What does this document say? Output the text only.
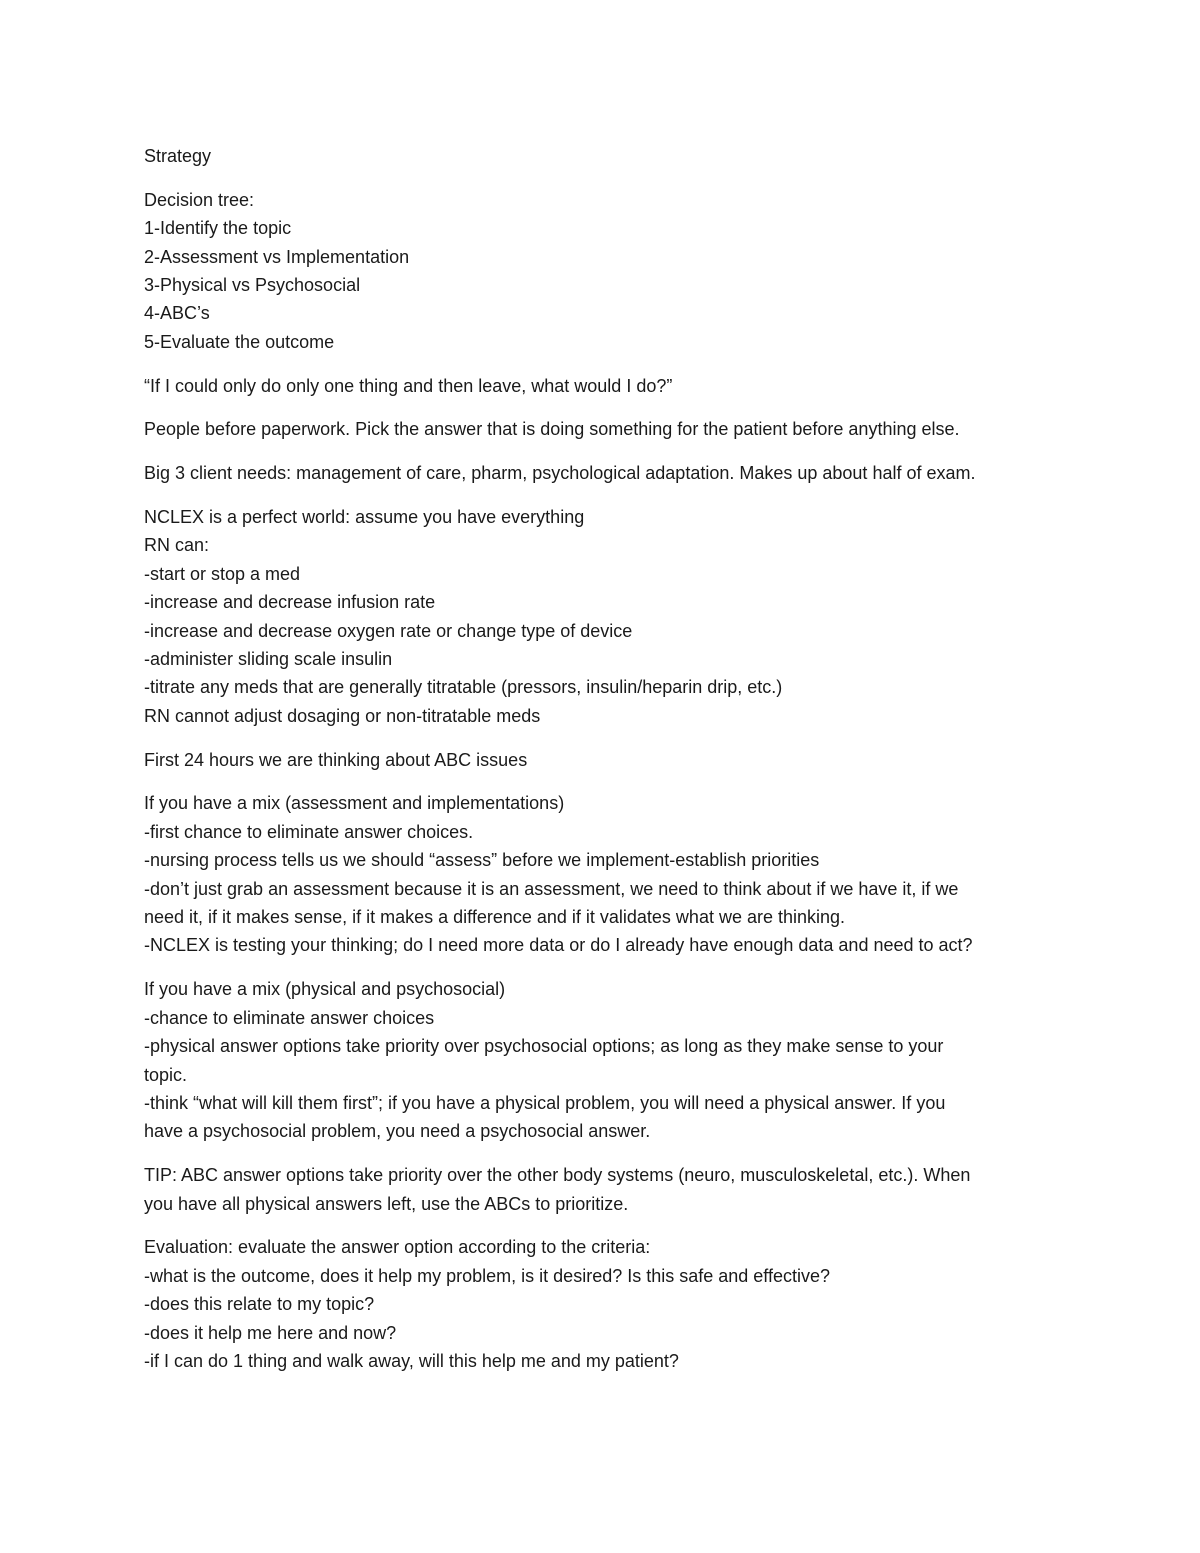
Strategy
Decision tree:
1-Identify the topic
2-Assessment vs Implementation
3-Physical vs Psychosocial
4-ABC’s
5-Evaluate the outcome
“If I could only do only one thing and then leave, what would I do?”
People before paperwork. Pick the answer that is doing something for the patient before anything else.
Big 3 client needs: management of care, pharm, psychological adaptation. Makes up about half of exam.
NCLEX is a perfect world: assume you have everything
RN can:
-start or stop a med
-increase and decrease infusion rate
-increase and decrease oxygen rate or change type of device
-administer sliding scale insulin
-titrate any meds that are generally titratable (pressors, insulin/heparin drip, etc.)
RN cannot adjust dosaging or non-titratable meds
First 24 hours we are thinking about ABC issues
If you have a mix (assessment and implementations)
-first chance to eliminate answer choices.
-nursing process tells us we should “assess” before we implement-establish priorities
-don’t just grab an assessment because it is an assessment, we need to think about if we have it, if we
need it, if it makes sense, if it makes a difference and if it validates what we are thinking.
-NCLEX is testing your thinking; do I need more data or do I already have enough data and need to act?
If you have a mix (physical and psychosocial)
-chance to eliminate answer choices
-physical answer options take priority over psychosocial options; as long as they make sense to your
topic.
-think “what will kill them first”; if you have a physical problem, you will need a physical answer. If you
have a psychosocial problem, you need a psychosocial answer.
TIP: ABC answer options take priority over the other body systems (neuro, musculoskeletal, etc.). When
you have all physical answers left, use the ABCs to prioritize.
Evaluation: evaluate the answer option according to the criteria:
-what is the outcome, does it help my problem, is it desired? Is this safe and effective?
-does this relate to my topic?
-does it help me here and now?
-if I can do 1 thing and walk away, will this help me and my patient?
